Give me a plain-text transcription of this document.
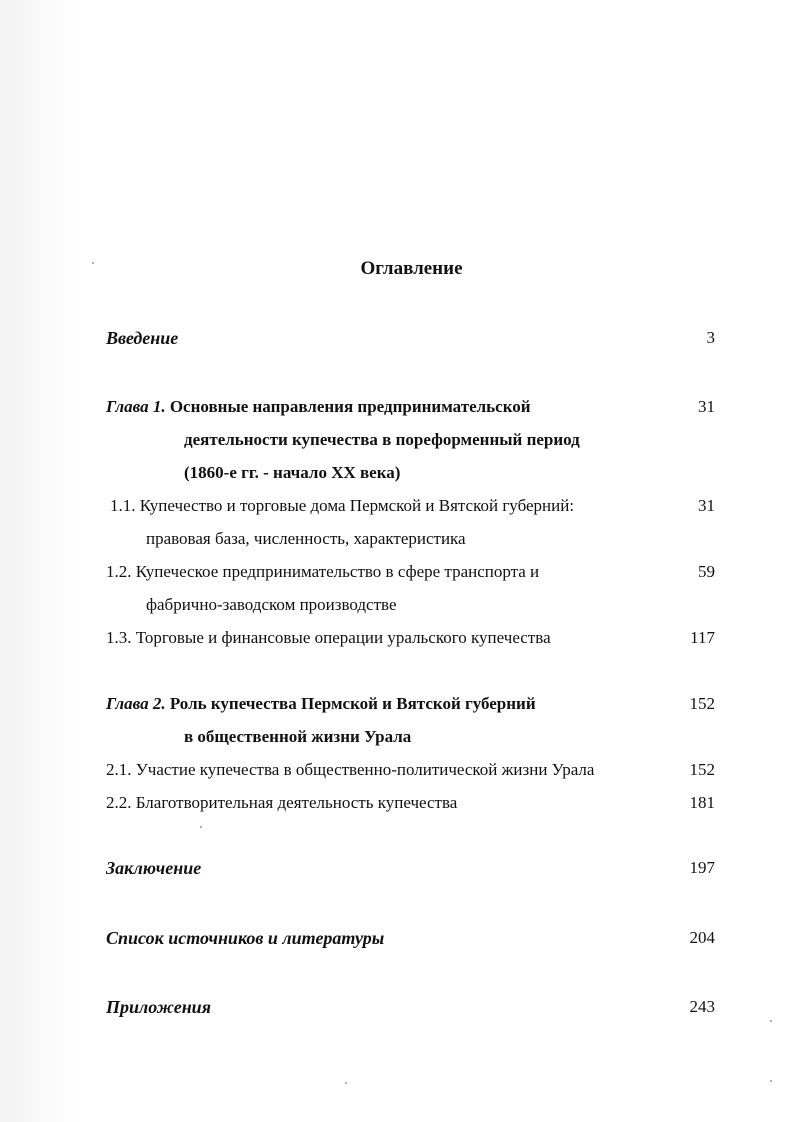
Оглавление
Введение	3
Глава 1. Основные направления предпринимательской	31
деятельности купечества в пореформенный период
(1860-е гг. - начало XX века)
1.1. Купечество и торговые дома Пермской и Вятской губерний:	31
правовая база, численность, характеристика
1.2. Купеческое предпринимательство в сфере транспорта и	59
фабрично-заводском производстве
1.3. Торговые и финансовые операции уральского купечества	117
Глава 2. Роль купечества Пермской и Вятской губерний	152
в общественной жизни Урала
2.1. Участие купечества в общественно-политической жизни Урала	152
2.2. Благотворительная деятельность купечества	181
Заключение	197
Список источников и литературы	204
Приложения	243
